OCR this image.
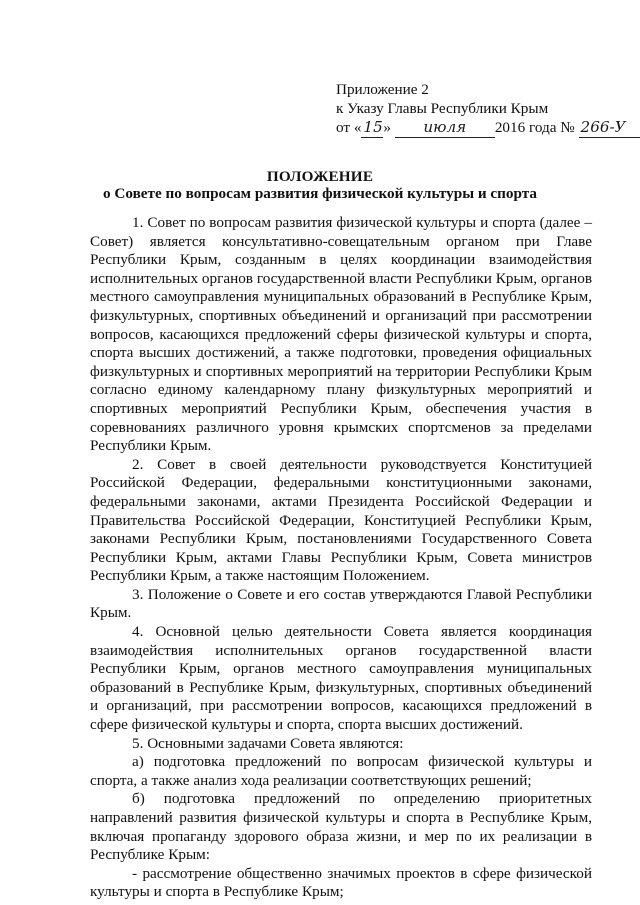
Приложение 2
к Указу Главы Республики Крым
от « 15» июля 2016 года № 266-У
ПОЛОЖЕНИЕ
о Совете по вопросам развития физической культуры и спорта

1. Совет по вопросам развития физической культуры и спорта (далее – Совет) является консультативно-совещательным органом при Главе Республики Крым, созданным в целях координации взаимодействия исполнительных органов государственной власти Республики Крым, органов местного самоуправления муниципальных образований в Республике Крым, физкультурных, спортивных объединений и организаций при рассмотрении вопросов, касающихся предложений сферы физической культуры и спорта, спорта высших достижений, а также подготовки, проведения официальных физкультурных и спортивных мероприятий на территории Республики Крым согласно единому календарному плану физкультурных мероприятий и спортивных мероприятий Республики Крым, обеспечения участия в соревнованиях различного уровня крымских спортсменов за пределами Республики Крым.

2. Совет в своей деятельности руководствуется Конституцией Российской Федерации, федеральными конституционными законами, федеральными законами, актами Президента Российской Федерации и Правительства Российской Федерации, Конституцией Республики Крым, законами Республики Крым, постановлениями Государственного Совета Республики Крым, актами Главы Республики Крым, Совета министров Республики Крым, а также настоящим Положением.

3. Положение о Совете и его состав утверждаются Главой Республики Крым.

4. Основной целью деятельности Совета является координация взаимодействия исполнительных органов государственной власти Республики Крым, органов местного самоуправления муниципальных образований в Республике Крым, физкультурных, спортивных объединений и организаций, при рассмотрении вопросов, касающихся предложений в сфере физической культуры и спорта, спорта высших достижений.

5. Основными задачами Совета являются:

а) подготовка предложений по вопросам физической культуры и спорта, а также анализ хода реализации соответствующих решений;

б) подготовка предложений по определению приоритетных направлений развития физической культуры и спорта в Республике Крым, включая пропаганду здорового образа жизни, и мер по их реализации в Республике Крым:

- рассмотрение общественно значимых проектов в сфере физической культуры и спорта в Республике Крым;
